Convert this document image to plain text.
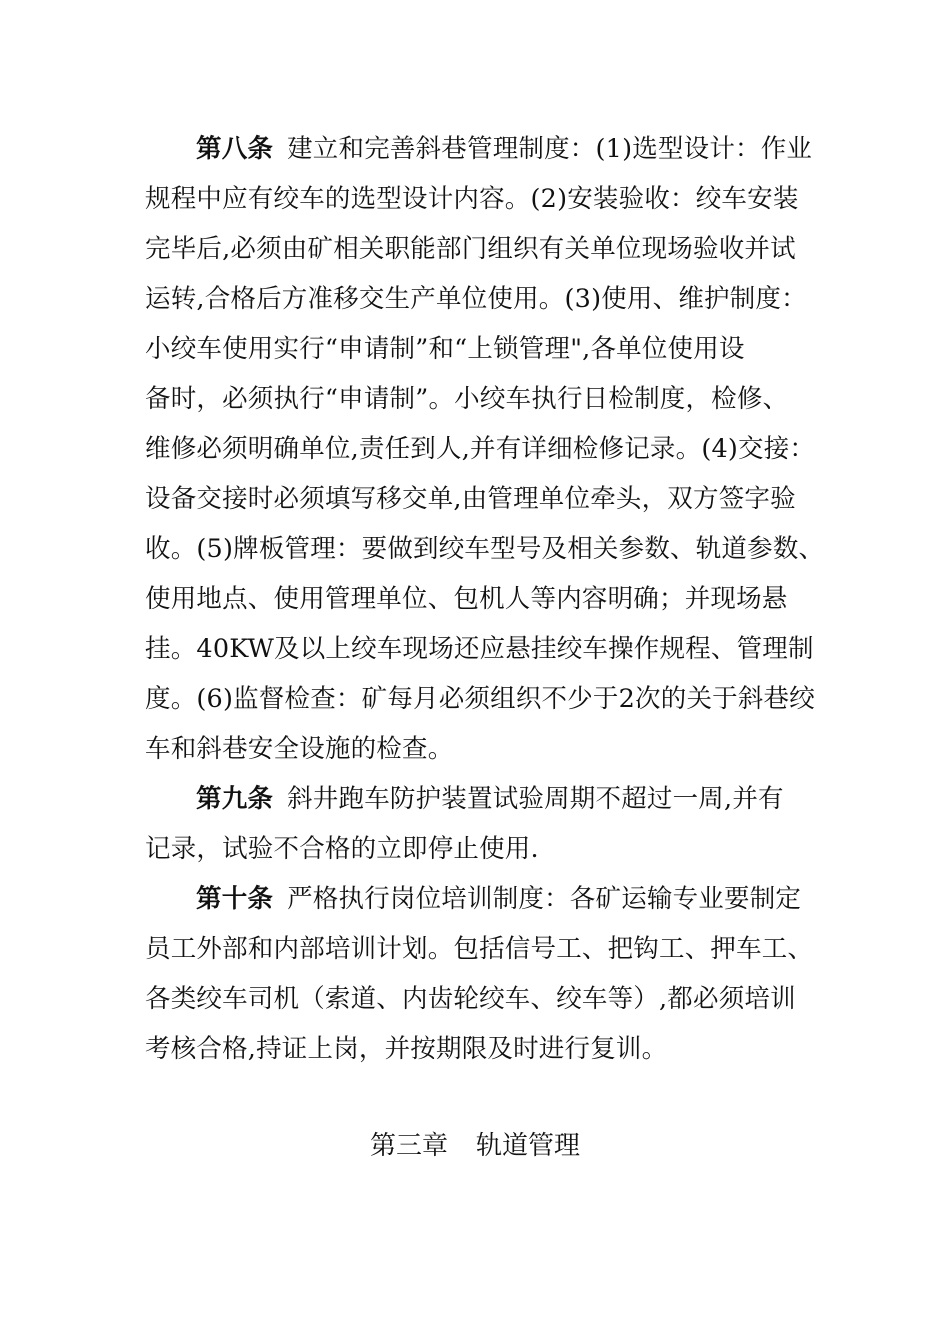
第八条 建立和完善斜巷管理制度：(1)选型设计：作业
规程中应有绞车的选型设计内容。(2)安装验收：绞车安装
完毕后,必须由矿相关职能部门组织有关单位现场验收并试
运转,合格后方准移交生产单位使用。(3)使用、维护制度：
小绞车使用实行“申请制”和“上锁管理",各单位使用设
备时，必须执行“申请制”。小绞车执行日检制度，检修、
维修必须明确单位,责任到人,并有详细检修记录。(4)交接：
设备交接时必须填写移交单,由管理单位牵头，双方签字验
收。(5)牌板管理：要做到绞车型号及相关参数、轨道参数、
使用地点、使用管理单位、包机人等内容明确；并现场悬
挂。40KW及以上绞车现场还应悬挂绞车操作规程、管理制
度。(6)监督检查：矿每月必须组织不少于2次的关于斜巷绞
车和斜巷安全设施的检查。
第九条 斜井跑车防护装置试验周期不超过一周,并有
记录，试验不合格的立即停止使用.
第十条 严格执行岗位培训制度：各矿运输专业要制定
员工外部和内部培训计划。包括信号工、把钩工、押车工、
各类绞车司机（索道、内齿轮绞车、绞车等）,都必须培训
考核合格,持证上岗，并按期限及时进行复训。
第三章 轨道管理
